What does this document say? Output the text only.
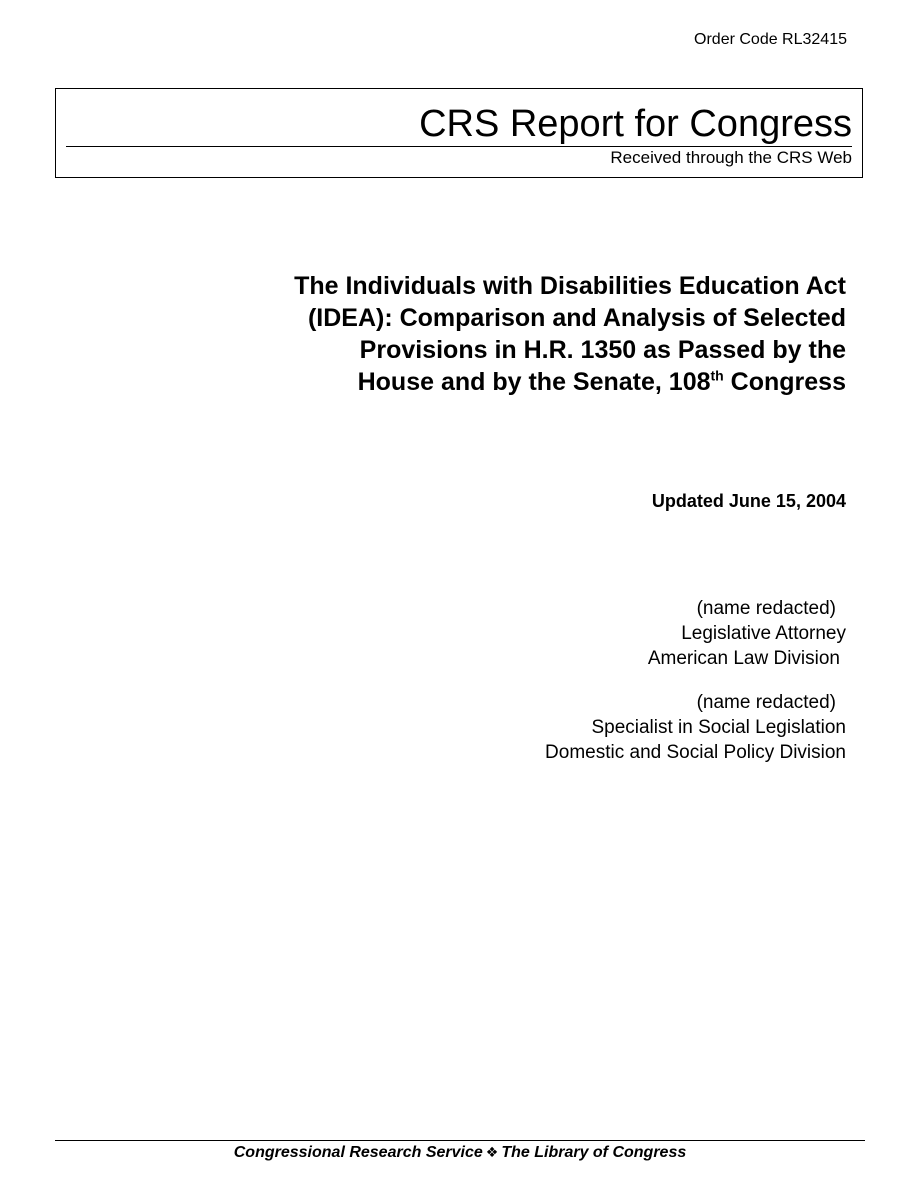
Order Code RL32415
CRS Report for Congress
Received through the CRS Web
The Individuals with Disabilities Education Act
(IDEA): Comparison and Analysis of Selected
Provisions in H.R. 1350 as Passed by the
House and by the Senate, 108th Congress
Updated June 15, 2004
(name redacted)
Legislative Attorney
American Law Division
(name redacted)
Specialist in Social Legislation
Domestic and Social Policy Division
Congressional Research Service ❖ The Library of Congress
